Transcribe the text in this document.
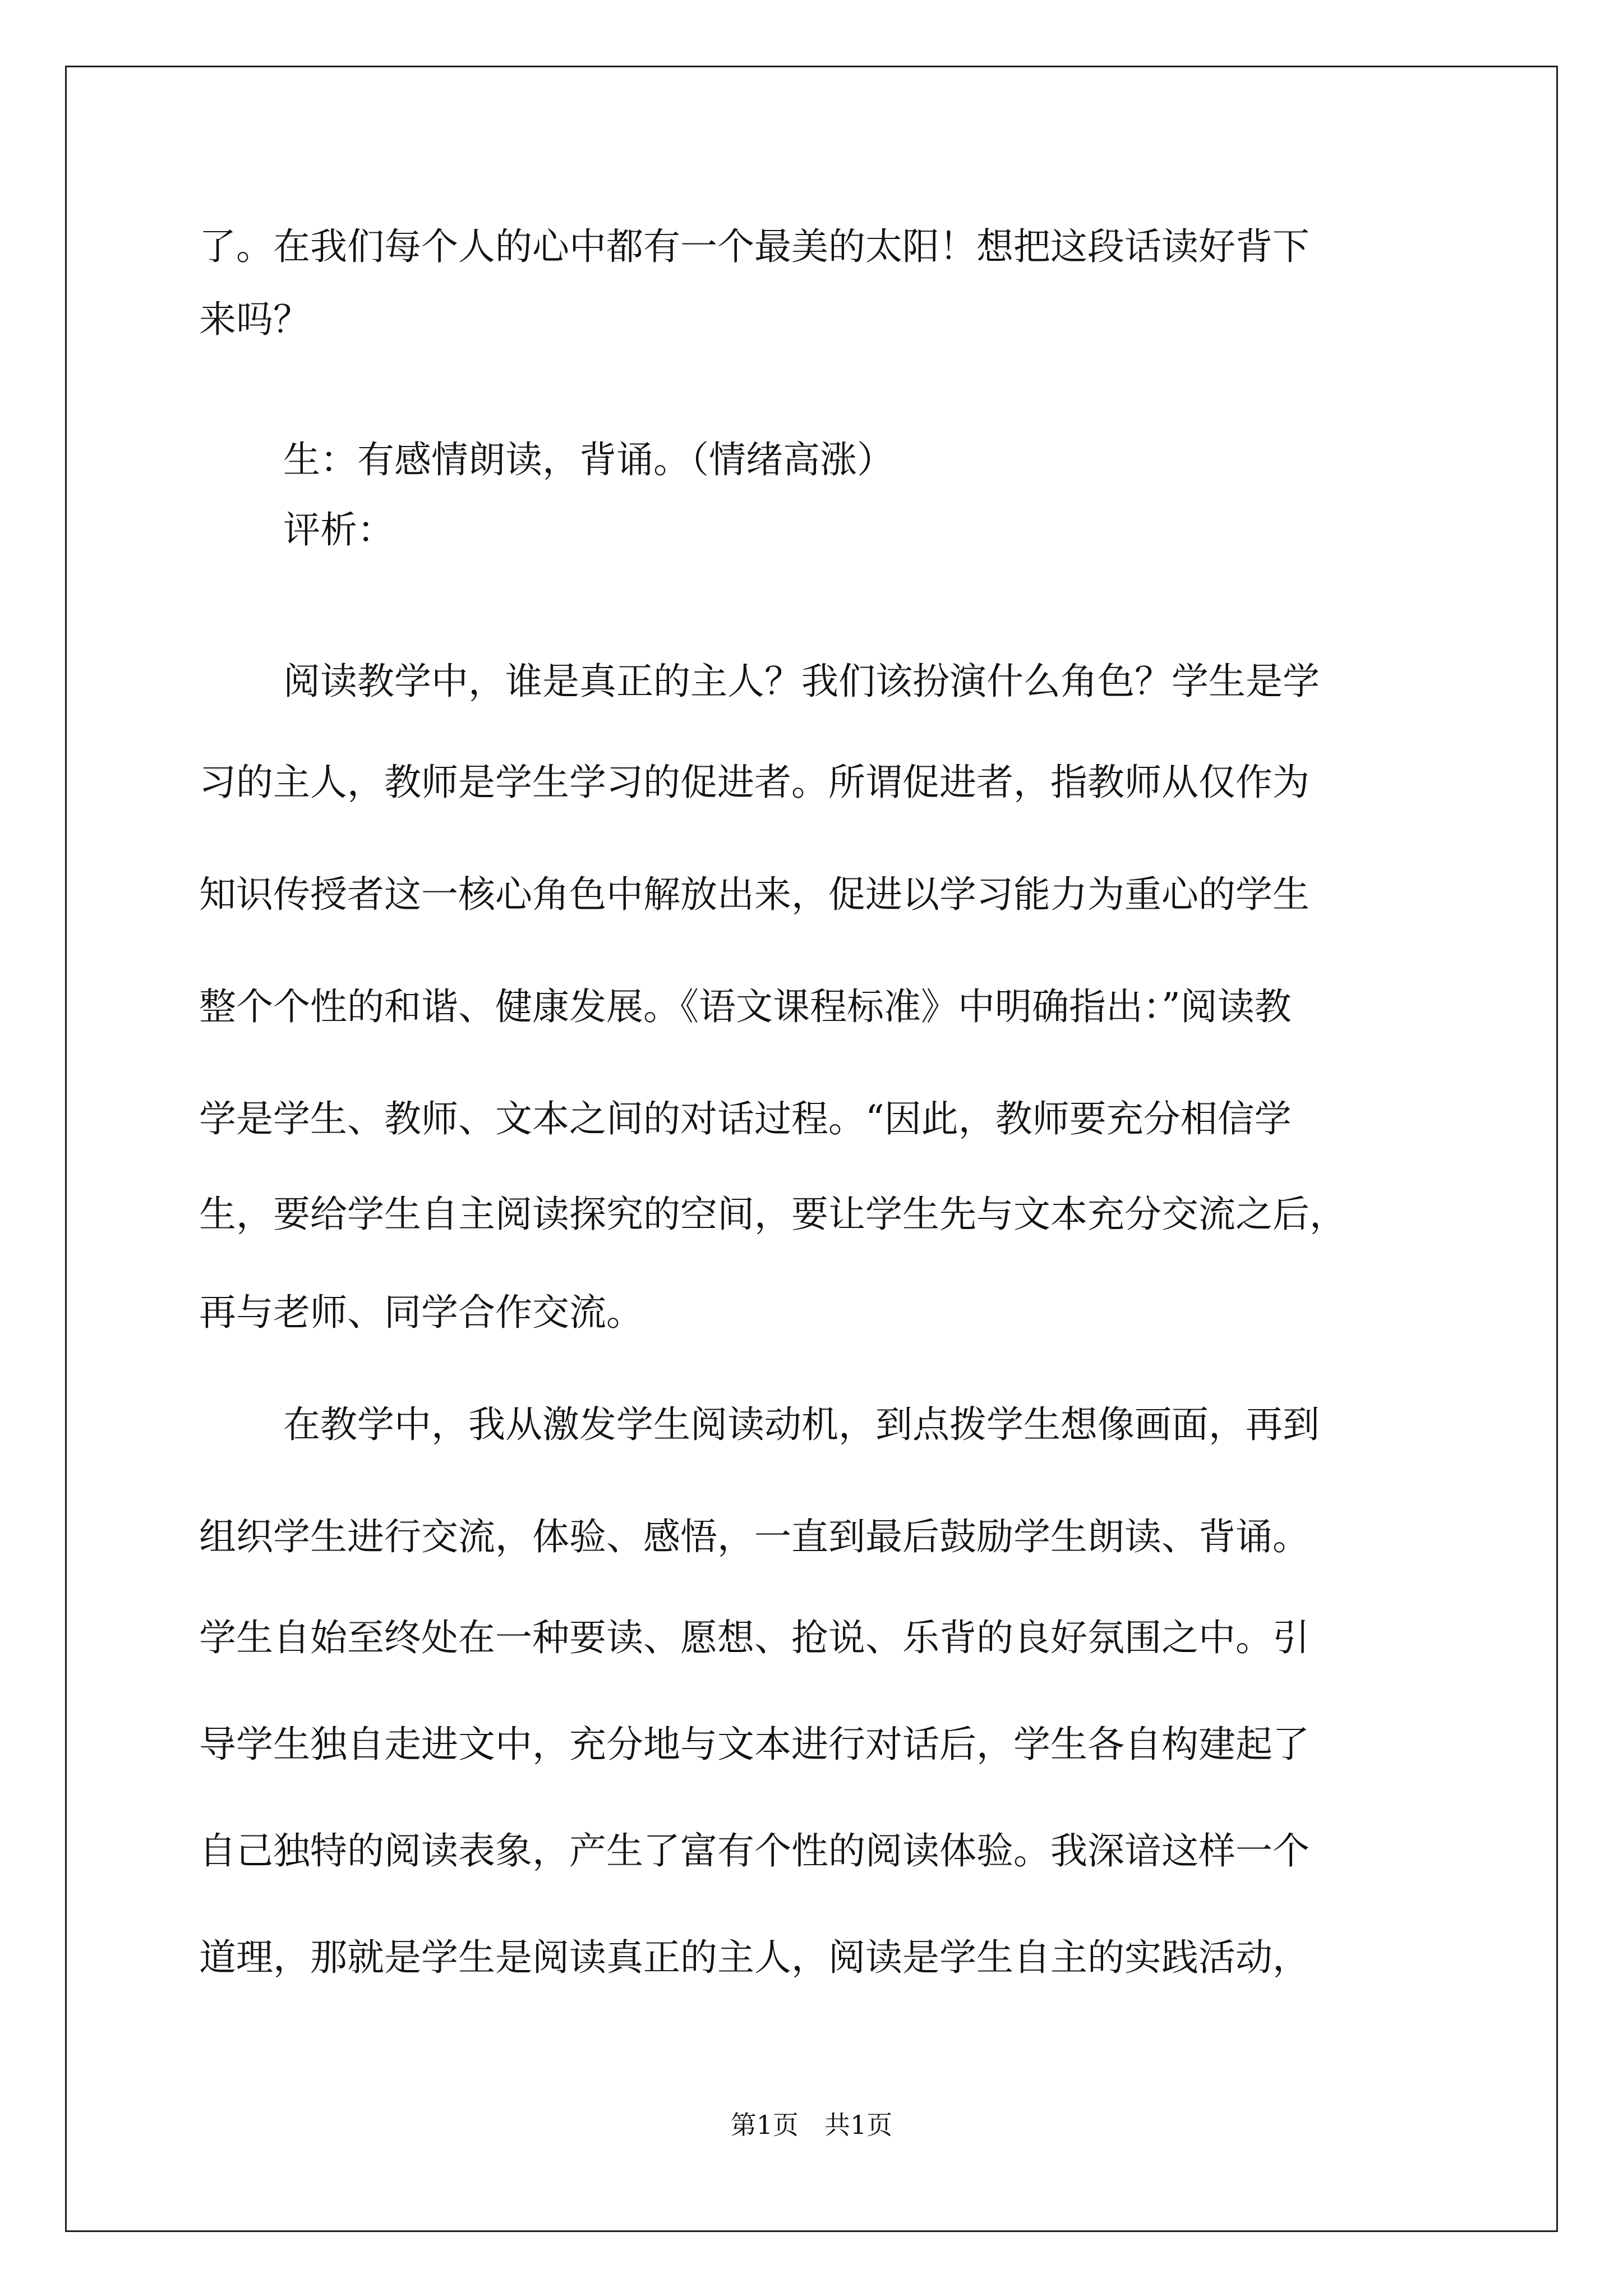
了。在我们每个人的心中都有一个最美的太阳！想把这段话读好背下
来吗？
生：有感情朗读，背诵。（情绪高涨）
评析：
阅读教学中，谁是真正的主人？我们该扮演什么角色？学生是学
习的主人，教师是学生学习的促进者。所谓促进者，指教师从仅作为
知识传授者这一核心角色中解放出来，促进以学习能力为重心的学生
整个个性的和谐、健康发展。《语文课程标准》中明确指出：”阅读教
学是学生、教师、文本之间的对话过程。“因此，教师要充分相信学
生，要给学生自主阅读探究的空间，要让学生先与文本充分交流之后，
再与老师、同学合作交流。
在教学中，我从激发学生阅读动机，到点拨学生想像画面，再到
组织学生进行交流，体验、感悟，一直到最后鼓励学生朗读、背诵。
学生自始至终处在一种要读、愿想、抢说、乐背的良好氛围之中。引
导学生独自走进文中，充分地与文本进行对话后，学生各自构建起了
自己独特的阅读表象，产生了富有个性的阅读体验。我深谙这样一个
道理，那就是学生是阅读真正的主人，阅读是学生自主的实践活动，
第1页　共1页
